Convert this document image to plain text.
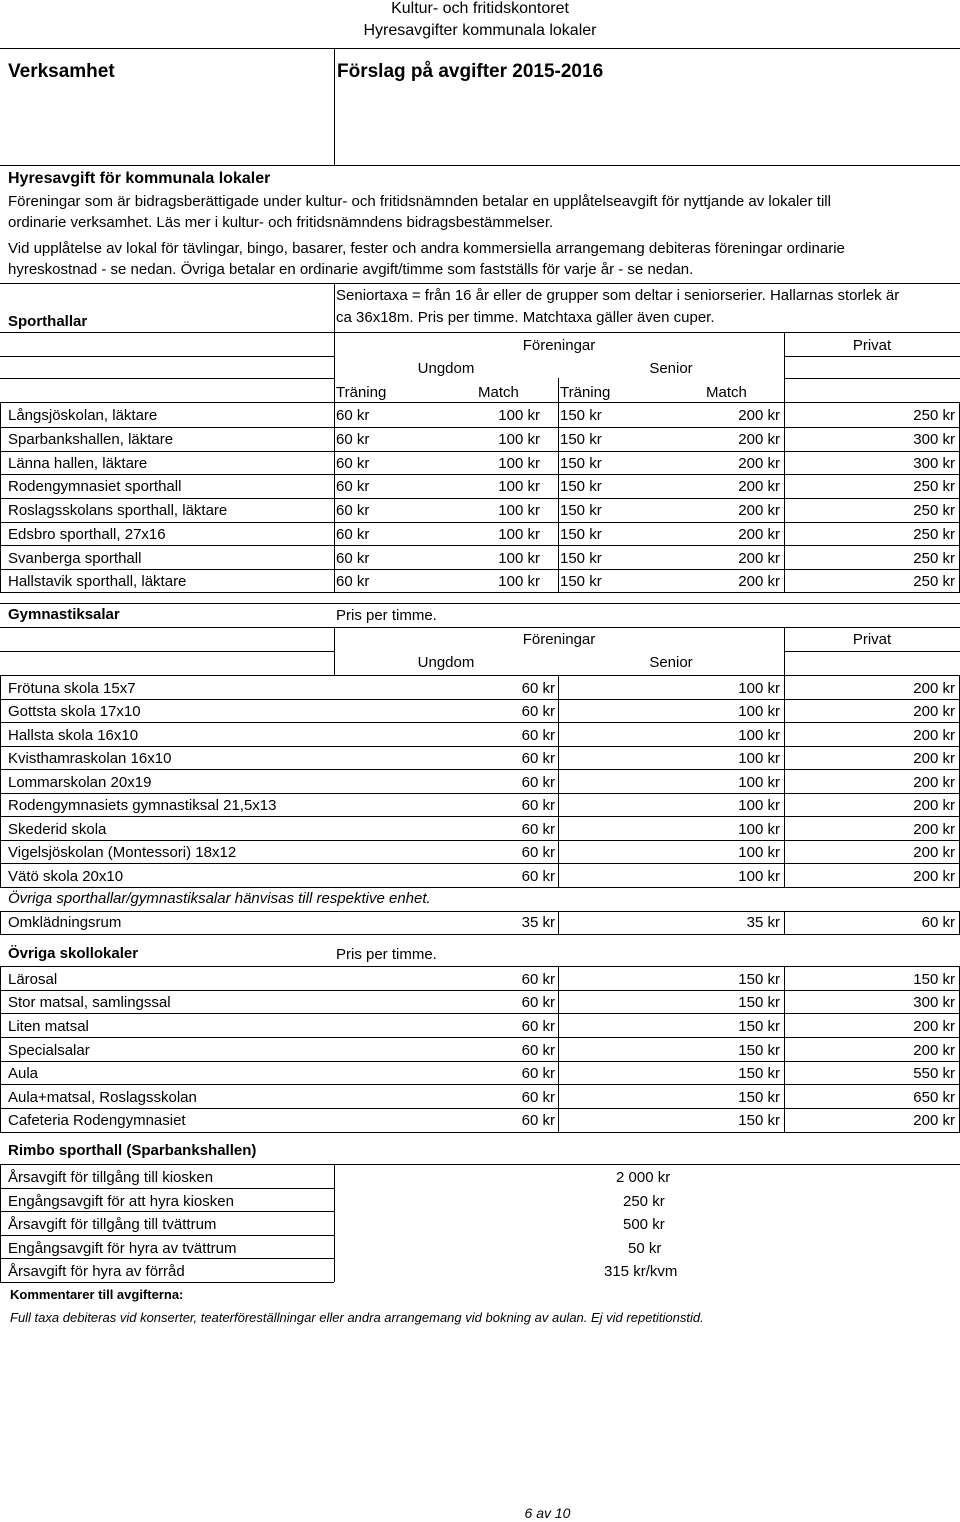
Kultur- och fritidskontoret
Hyresavgifter kommunala lokaler
Verksamhet	Förslag på avgifter 2015-2016
Hyresavgift för kommunala lokaler
Föreningar som är bidragsberättigade under kultur- och fritidsnämnden betalar en upplåtelseavgift för nyttjande av lokaler till
ordinarie verksamhet. Läs mer i kultur- och fritidsnämndens bidragsbestämmelser.
Vid upplåtelse av lokal för tävlingar, bingo, basarer, fester och andra kommersiella arrangemang debiteras föreningar ordinarie
hyreskostnad - se nedan. Övriga betalar en ordinarie avgift/timme som fastställs för varje år - se nedan.
Sporthallar
Seniortaxa = från 16 år eller de grupper som deltar i seniorserier. Hallarnas storlek är
ca 36x18m. Pris per timme. Matchtaxa gäller även cuper.
Föreningar	Privat
Ungdom	Senior
Träning	Match	Träning	Match
Långsjöskolan, läktare	60 kr	100 kr 150 kr	200 kr	250 kr
Sparbankshallen, läktare	60 kr	100 kr 150 kr	200 kr	300 kr
Länna hallen, läktare	60 kr	100 kr 150 kr	200 kr	300 kr
Rodengymnasiet sporthall	60 kr	100 kr 150 kr	200 kr	250 kr
Roslagsskolans sporthall, läktare	60 kr	100 kr 150 kr	200 kr	250 kr
Edsbro sporthall, 27x16	60 kr	100 kr 150 kr	200 kr	250 kr
Svanberga sporthall	60 kr	100 kr 150 kr	200 kr	250 kr
Hallstavik sporthall, läktare	60 kr	100 kr 150 kr	200 kr	250 kr
Gymnastiksalar	Pris per timme.
Föreningar	Privat
Ungdom	Senior
Frötuna skola 15x7	60 kr	100 kr	200 kr
Gottsta skola 17x10	60 kr	100 kr	200 kr
Hallsta skola 16x10	60 kr	100 kr	200 kr
Kvisthamraskolan 16x10	60 kr	100 kr	200 kr
Lommarskolan 20x19	60 kr	100 kr	200 kr
Rodengymnasiets gymnastiksal 21,5x13	60 kr	100 kr	200 kr
Skederid skola	60 kr	100 kr	200 kr
Vigelsjöskolan (Montessori) 18x12	60 kr	100 kr	200 kr
Vätö skola 20x10	60 kr	100 kr	200 kr
Övriga sporthallar/gymnastiksalar hänvisas till respektive enhet.
Omklädningsrum	35 kr	35 kr	60 kr
Övriga skollokaler	Pris per timme.
Lärosal	60 kr	150 kr	150 kr
Stor matsal, samlingssal	60 kr	150 kr	300 kr
Liten matsal	60 kr	150 kr	200 kr
Specialsalar	60 kr	150 kr	200 kr
Aula	60 kr	150 kr	550 kr
Aula+matsal, Roslagsskolan	60 kr	150 kr	650 kr
Cafeteria Rodengymnasiet	60 kr	150 kr	200 kr
Rimbo sporthall (Sparbankshallen)
Årsavgift för tillgång till kiosken	2 000 kr
Engångsavgift för att hyra kiosken	250 kr
Årsavgift för tillgång till tvättrum	500 kr
Engångsavgift för hyra av tvättrum	50 kr
Årsavgift för hyra av förråd	315 kr/kvm
Kommentarer till avgifterna:
Full taxa debiteras vid konserter, teaterföreställningar eller andra arrangemang vid bokning av aulan. Ej vid repetitionstid.
6 av 10
